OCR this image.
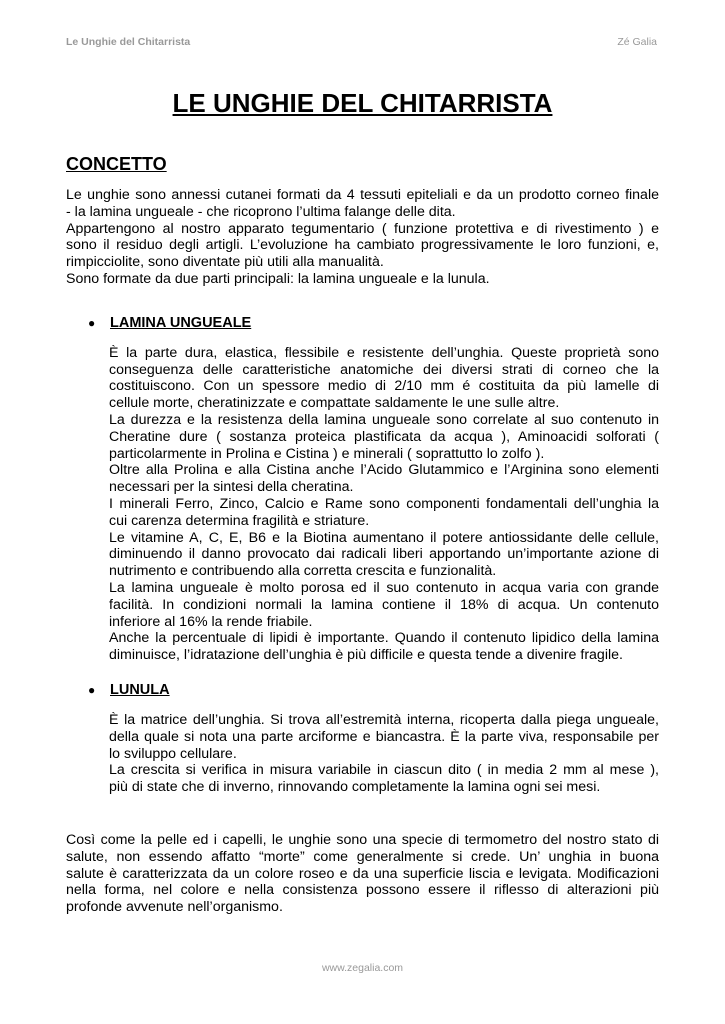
Le Unghie del Chitarrista	Zé Galia
LE UNGHIE DEL CHITARRISTA
CONCETTO

Le unghie sono annessi cutanei formati da 4 tessuti epiteliali e da un prodotto corneo finale

- la lamina ungueale - che ricoprono l’ultima falange delle dita.

Appartengono al nostro apparato tegumentario ( funzione protettiva e di rivestimento ) e

sono il residuo degli artigli. L’evoluzione ha cambiato progressivamente le loro funzioni, e,

rimpicciolite, sono diventate più utili alla manualità.

Sono formate da due parti principali: la lamina ungueale e la lunula.

●	LAMINA UNGUEALE

È la parte dura, elastica, flessibile e resistente dell’unghia. Queste proprietà sono

conseguenza delle caratteristiche anatomiche dei diversi strati di corneo che la

costituiscono. Con un spessore medio di 2/10 mm é costituita da più lamelle di

cellule morte, cheratinizzate e compattate saldamente le une sulle altre.

La durezza e la resistenza della lamina ungueale sono correlate al suo contenuto in

Cheratine dure ( sostanza proteica plastificata da acqua ), Aminoacidi solforati (

particolarmente in Prolina e Cistina ) e minerali ( soprattutto lo zolfo ).

Oltre alla Prolina e alla Cistina anche l’Acido Glutammico e l’Arginina sono elementi

necessari per la sintesi della cheratina.

I minerali Ferro, Zinco, Calcio e Rame sono componenti fondamentali dell’unghia la

cui carenza determina fragilità e striature.

Le vitamine A, C, E, B6 e la Biotina aumentano il potere antiossidante delle cellule,

diminuendo il danno provocato dai radicali liberi apportando un’importante azione di

nutrimento e contribuendo alla corretta crescita e funzionalità.

La lamina ungueale è molto porosa ed il suo contenuto in acqua varia con grande

facilità. In condizioni normali la lamina contiene il 18% di acqua. Un contenuto

inferiore al 16% la rende friabile.

Anche la percentuale di lipidi è importante. Quando il contenuto lipidico della lamina

diminuisce, l’idratazione dell’unghia è più difficile e questa tende a divenire fragile.

●	LUNULA

È la matrice dell’unghia. Si trova all’estremità interna, ricoperta dalla piega ungueale,

della quale si nota una parte arciforme e biancastra. È la parte viva, responsabile per

lo sviluppo cellulare.

La crescita si verifica in misura variabile in ciascun dito ( in media 2 mm al mese ),

più di state che di inverno, rinnovando completamente la lamina ogni sei mesi.

Così come la pelle ed i capelli, le unghie sono una specie di termometro del nostro stato di

salute, non essendo affatto “morte” come generalmente si crede. Un’ unghia in buona

salute è caratterizzata da un colore roseo e da una superficie liscia e levigata. Modificazioni

nella forma, nel colore e nella consistenza possono essere il riflesso di alterazioni più

profonde avvenute nell’organismo.

www.zegalia.com
